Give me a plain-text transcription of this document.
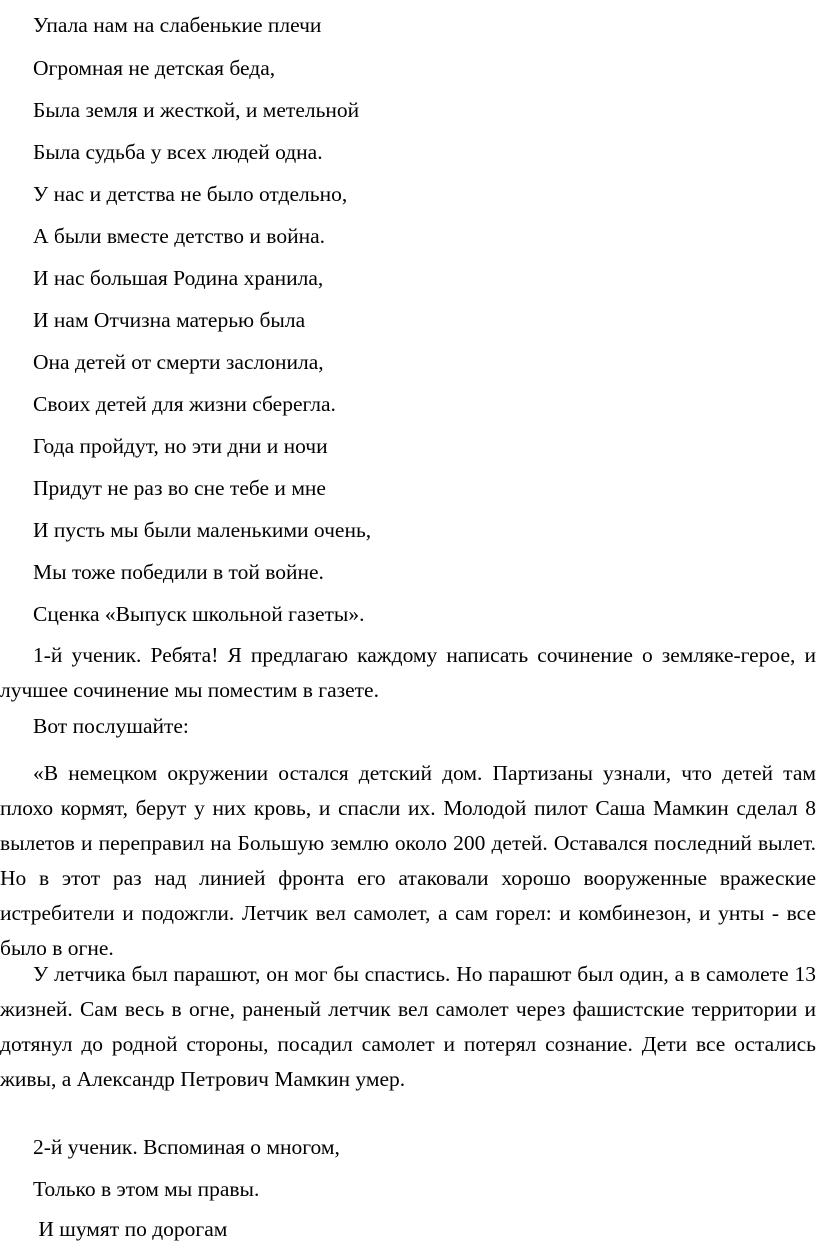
Упала нам на слабенькие плечи

Огромная не детская беда,

Была земля и жесткой, и метельной

Была судьба у всех людей одна.

У нас и детства не было отдельно,

А были вместе детство и война.

И нас большая Родина хранила,

И нам Отчизна матерью была

Она детей от смерти заслонила,

Своих детей для жизни сберегла.

Года пройдут, но эти дни и ночи

Придут не раз во сне тебе и мне

И пусть мы были маленькими очень,

Мы тоже победили в той войне.

Сценка «Выпуск школьной газеты».

1-й ученик. Ребята! Я предлагаю каждому написать сочинение о земляке-герое, и лучшее сочинение мы поместим в газете.

Вот послушайте:

«В немецком окружении остался детский дом. Партизаны узнали, что детей там плохо кормят, берут у них кровь, и спасли их. Молодой пилот Саша Мамкин сделал 8 вылетов и переправил на Большую землю около 200 детей. Оставался последний вылет. Но в этот раз над линией фронта его атаковали хорошо вооруженные вражеские истребители и подожгли. Летчик вел самолет, а сам горел: и комбинезон, и унты - все было в огне.

У летчика был парашют, он мог бы спастись. Но парашют был один, а в самолете 13 жизней. Сам весь в огне, раненый летчик вел самолет через фашистские территории и дотянул до родной стороны, посадил самолет и потерял сознание. Дети все остались живы, а Александр Петрович Мамкин умер.

2-й ученик. Вспоминая о многом,

Только в этом мы правы.

И шумят по дорогам
